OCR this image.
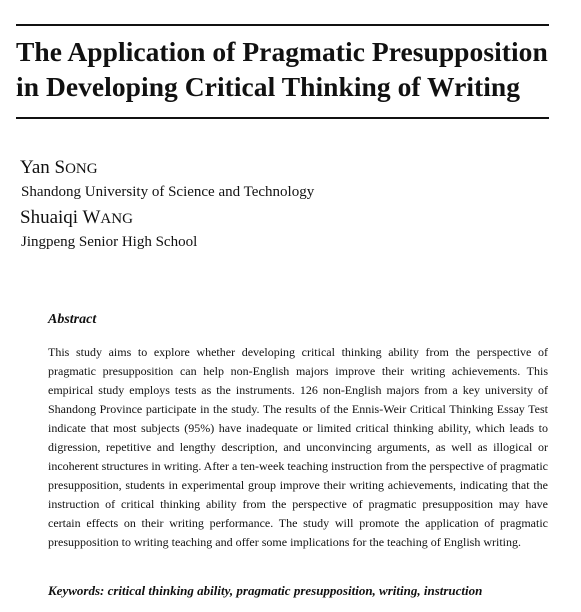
The Application of Pragmatic Presupposition
in Developing Critical Thinking of Writing

Yan SONG

Shandong University of Science and Technology

Shuaiqi WANG

Jingpeng Senior High School

Abstract

This study aims to explore whether developing critical thinking ability from the perspective of pragmatic presupposition can help non-English majors improve their writing achievements. This empirical study employs tests as the instruments. 126 non-English majors from a key university of Shandong Province participate in the study. The results of the Ennis-Weir Critical Thinking Essay Test indicate that most subjects (95%) have inadequate or limited critical thinking ability, which leads to digression, repetitive and lengthy description, and unconvincing arguments, as well as illogical or incoherent structures in writing. After a ten-week teaching instruction from the perspective of pragmatic presupposition, students in experimental group improve their writing achievements, indicating that the instruction of critical thinking ability from the perspective of pragmatic presupposition may have certain effects on their writing performance. The study will promote the application of pragmatic presupposition to writing teaching and offer some implications for the teaching of English writing.

Keywords: critical thinking ability, pragmatic presupposition, writing, instruction
